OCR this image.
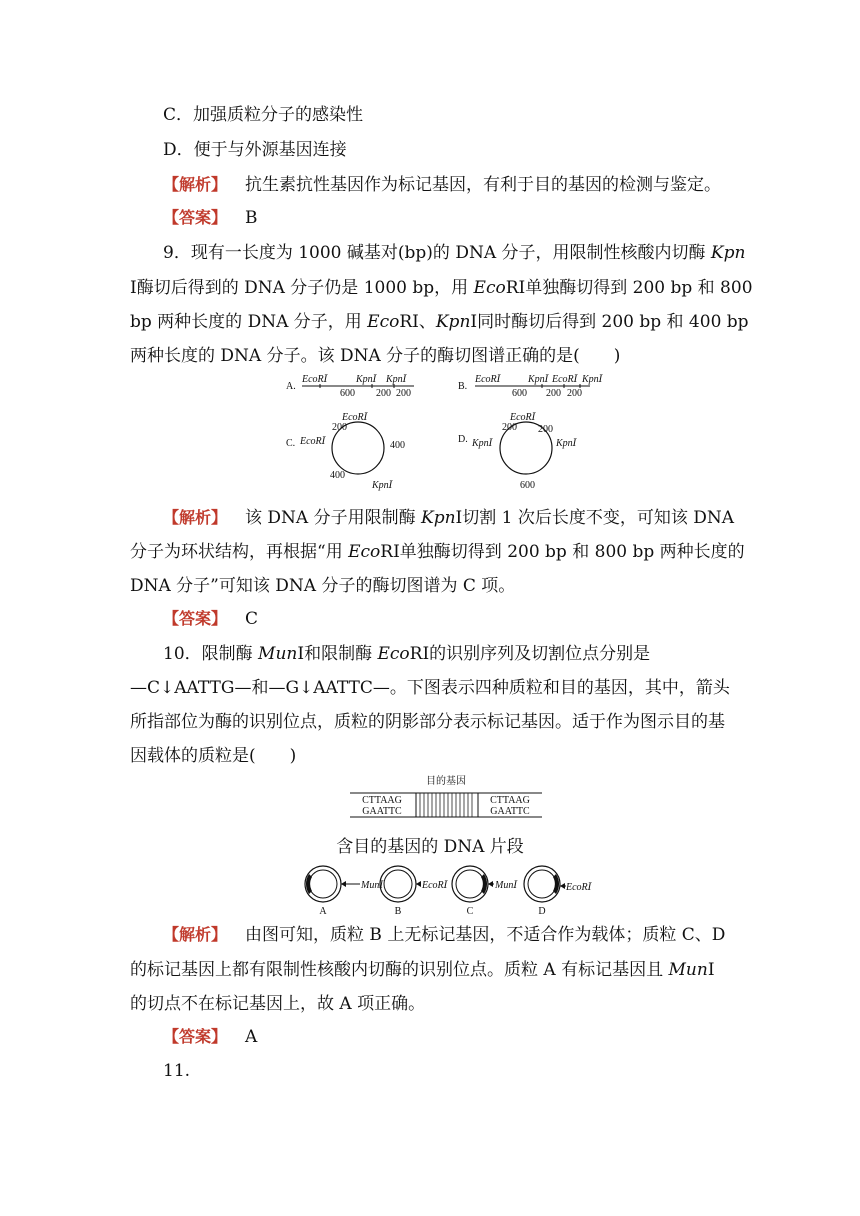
C．加强质粒分子的感染性
D．便于与外源基因连接
【解析】 抗生素抗性基因作为标记基因，有利于目的基因的检测与鉴定。
【答案】 B
9．现有一长度为 1000 碱基对(bp)的 DNA 分子，用限制性核酸内切酶 Kpn
Ⅰ酶切后得到的 DNA 分子仍是 1000 bp，用 EcoRⅠ单独酶切得到 200 bp 和 800
bp 两种长度的 DNA 分子，用 EcoRⅠ、KpnⅠ同时酶切后得到 200 bp 和 400 bp
两种长度的 DNA 分子。该 DNA 分子的酶切图谱正确的是(　　)
A.
EcoRⅠ	KpnⅠ KpnⅠ
600 200 200
B.
EcoRⅠ	KpnⅠ EcoRⅠ KpnⅠ
600 200 200
C.
EcoRⅠ
EcoRⅠ
KpnⅠ
200
400
400
D.
EcoRⅠ
KpnⅠ	KpnⅠ
200 200
600
【解析】 该 DNA 分子用限制酶 KpnⅠ切割 1 次后长度不变，可知该 DNA
分子为环状结构，再根据“用 EcoRⅠ单独酶切得到 200 bp 和 800 bp 两种长度的
DNA 分子”可知该 DNA 分子的酶切图谱为 C 项。
【答案】 C
10．限制酶 MunⅠ和限制酶 EcoRⅠ的识别序列及切割位点分别是
—C↓AATTG—和—G↓AATTC—。下图表示四种质粒和目的基因，其中，箭头
所指部位为酶的识别位点，质粒的阴影部分表示标记基因。适于作为图示目的基
因载体的质粒是(　　)
目的基因
CTTAAG
GAATTC
CTTAAG
GAATTC
含目的基因的 DNA 片段
MunⅠ
A
EcoRⅠ
B
MunⅠ
C
EcoRⅠ
D
【解析】 由图可知，质粒 B 上无标记基因，不适合作为载体；质粒 C、D
的标记基因上都有限制性核酸内切酶的识别位点。质粒 A 有标记基因且 MunⅠ
的切点不在标记基因上，故 A 项正确。
【答案】 A
11.
